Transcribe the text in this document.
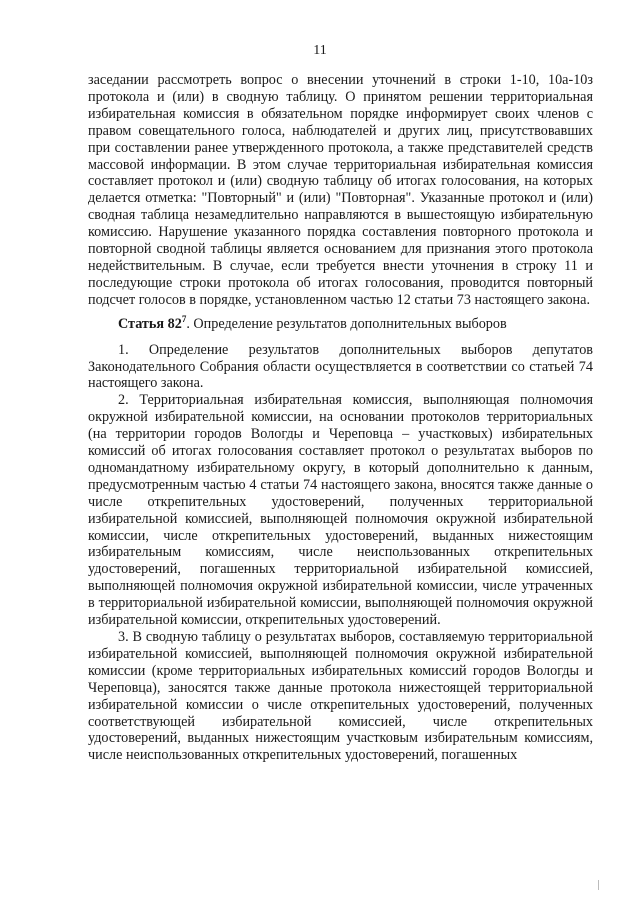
11

заседании рассмотреть вопрос о внесении уточнений в строки 1-10, 10а-10з протокола и (или) в сводную таблицу. О принятом решении территориальная избирательная комиссия в обязательном порядке информирует своих членов с правом совещательного голоса, наблюдателей и других лиц, присутствовавших при составлении ранее утвержденного протокола, а также представителей средств массовой информации. В этом случае территориальная избирательная комиссия составляет протокол и (или) сводную таблицу об итогах голосования, на которых делается отметка: "Повторный" и (или) "Повторная". Указанные протокол и (или) сводная таблица незамедлительно направляются в вышестоящую избирательную комиссию. Нарушение указанного порядка составления повторного протокола и повторной сводной таблицы является основанием для признания этого протокола недействительным. В случае, если требуется внести уточнения в строку 11 и последующие строки протокола об итогах голосования, проводится повторный подсчет голосов в порядке, установленном частью 12 статьи 73 настоящего закона.

Статья $82^7$. Определение результатов дополнительных выборов

1. Определение результатов дополнительных выборов депутатов Законодательного Собрания области осуществляется в соответствии со статьей 74 настоящего закона.

2. Территориальная избирательная комиссия, выполняющая полномочия окружной избирательной комиссии, на основании протоколов территориальных (на территории городов Вологды и Череповца – участковых) избирательных комиссий об итогах голосования составляет протокол о результатах выборов по одномандатному избирательному округу, в который дополнительно к данным, предусмотренным частью 4 статьи 74 настоящего закона, вносятся также данные о числе открепительных удостоверений, полученных территориальной избирательной комиссией, выполняющей полномочия окружной избирательной комиссии, числе открепительных удостоверений, выданных нижестоящим избирательным комиссиям, числе неиспользованных открепительных удостоверений, погашенных территориальной избирательной комиссией, выполняющей полномочия окружной избирательной комиссии, числе утраченных в территориальной избирательной комиссии, выполняющей полномочия окружной избирательной комиссии, открепительных удостоверений.

3. В сводную таблицу о результатах выборов, составляемую территориальной избирательной комиссией, выполняющей полномочия окружной избирательной комиссии (кроме территориальных избирательных комиссий городов Вологды и Череповца), заносятся также данные протокола нижестоящей территориальной избирательной комиссии о числе открепительных удостоверений, полученных соответствующей избирательной комиссией, числе открепительных удостоверений, выданных нижестоящим участковым избирательным комиссиям, числе неиспользованных открепительных удостоверений, погашенных
